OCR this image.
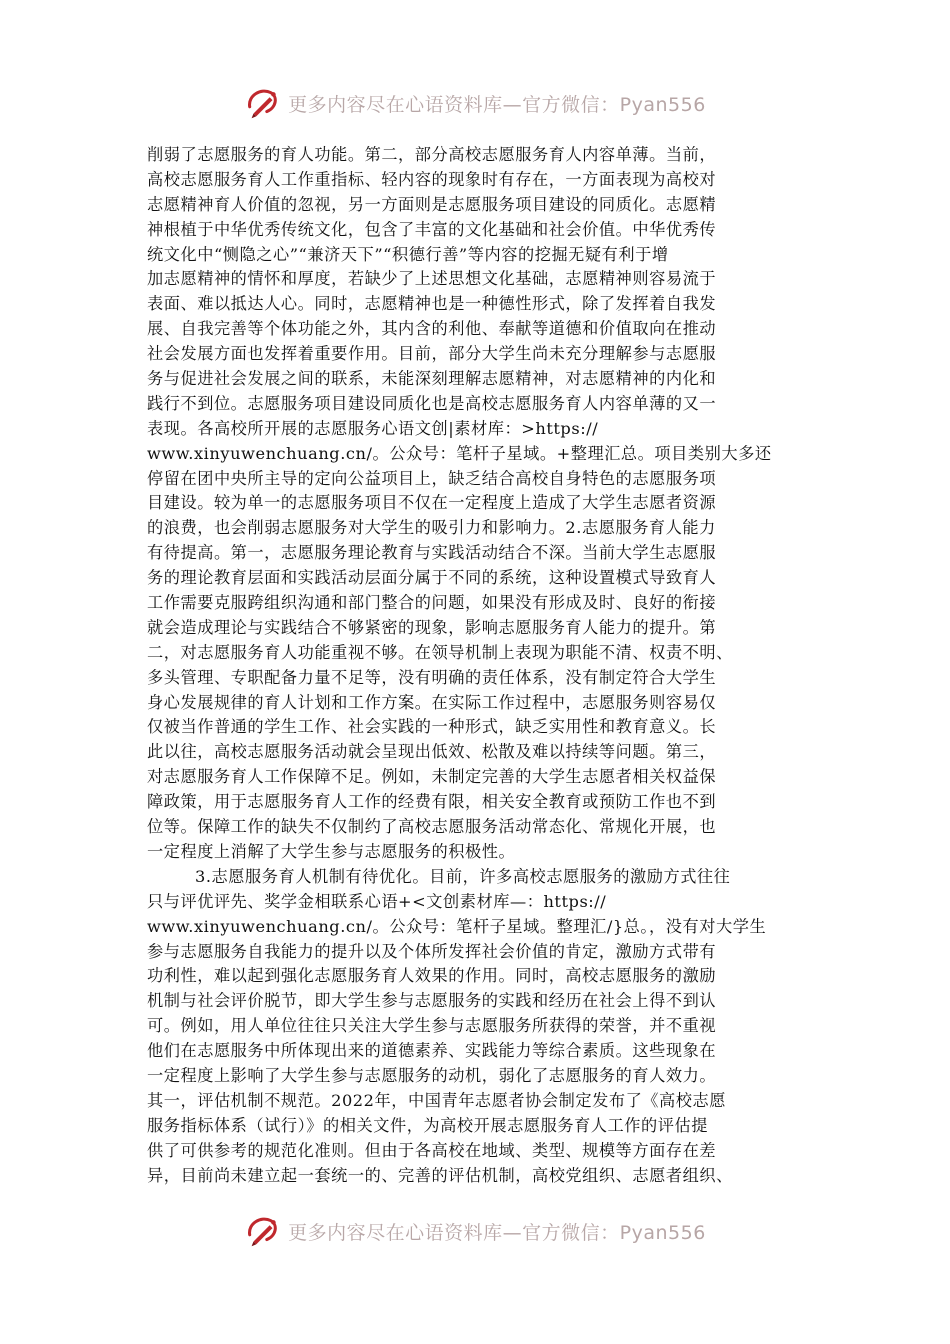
更多内容尽在心语资料库—官方微信：Pyan556
削弱了志愿服务的育人功能。第二，部分高校志愿服务育人内容单薄。当前，
高校志愿服务育人工作重指标、轻内容的现象时有存在，一方面表现为高校对
志愿精神育人价值的忽视，另一方面则是志愿服务项目建设的同质化。志愿精
神根植于中华优秀传统文化，包含了丰富的文化基础和社会价值。中华优秀传
统文化中“恻隐之心”“兼济天下”“积德行善”等内容的挖掘无疑有利于增
加志愿精神的情怀和厚度，若缺少了上述思想文化基础，志愿精神则容易流于
表面、难以抵达人心。同时，志愿精神也是一种德性形式，除了发挥着自我发
展、自我完善等个体功能之外，其内含的利他、奉献等道德和价值取向在推动
社会发展方面也发挥着重要作用。目前，部分大学生尚未充分理解参与志愿服
务与促进社会发展之间的联系，未能深刻理解志愿精神，对志愿精神的内化和
践行不到位。志愿服务项目建设同质化也是高校志愿服务育人内容单薄的又一
表现。各高校所开展的志愿服务心语文创|素材库：>https://
www.xinyuwenchuang.cn/。公众号：笔杆子星域。+整理汇总。项目类别大多还
停留在团中央所主导的定向公益项目上，缺乏结合高校自身特色的志愿服务项
目建设。较为单一的志愿服务项目不仅在一定程度上造成了大学生志愿者资源
的浪费，也会削弱志愿服务对大学生的吸引力和影响力。2.志愿服务育人能力
有待提高。第一，志愿服务理论教育与实践活动结合不深。当前大学生志愿服
务的理论教育层面和实践活动层面分属于不同的系统，这种设置模式导致育人
工作需要克服跨组织沟通和部门整合的问题，如果没有形成及时、良好的衔接
就会造成理论与实践结合不够紧密的现象，影响志愿服务育人能力的提升。第
二，对志愿服务育人功能重视不够。在领导机制上表现为职能不清、权责不明、
多头管理、专职配备力量不足等，没有明确的责任体系，没有制定符合大学生
身心发展规律的育人计划和工作方案。在实际工作过程中，志愿服务则容易仅
仅被当作普通的学生工作、社会实践的一种形式，缺乏实用性和教育意义。长
此以往，高校志愿服务活动就会呈现出低效、松散及难以持续等问题。第三，
对志愿服务育人工作保障不足。例如，未制定完善的大学生志愿者相关权益保
障政策，用于志愿服务育人工作的经费有限，相关安全教育或预防工作也不到
位等。保障工作的缺失不仅制约了高校志愿服务活动常态化、常规化开展，也
一定程度上消解了大学生参与志愿服务的积极性。
3.志愿服务育人机制有待优化。目前，许多高校志愿服务的激励方式往往
只与评优评先、奖学金相联系心语+<文创素材库—：https://
www.xinyuwenchuang.cn/。公众号：笔杆子星域。整理汇/}总。，没有对大学生
参与志愿服务自我能力的提升以及个体所发挥社会价值的肯定，激励方式带有
功利性，难以起到强化志愿服务育人效果的作用。同时，高校志愿服务的激励
机制与社会评价脱节，即大学生参与志愿服务的实践和经历在社会上得不到认
可。例如，用人单位往往只关注大学生参与志愿服务所获得的荣誉，并不重视
他们在志愿服务中所体现出来的道德素养、实践能力等综合素质。这些现象在
一定程度上影响了大学生参与志愿服务的动机，弱化了志愿服务的育人效力。
其一，评估机制不规范。2022年，中国青年志愿者协会制定发布了《高校志愿
服务指标体系（试行）》的相关文件，为高校开展志愿服务育人工作的评估提
供了可供参考的规范化准则。但由于各高校在地域、类型、规模等方面存在差
异，目前尚未建立起一套统一的、完善的评估机制，高校党组织、志愿者组织、
更多内容尽在心语资料库—官方微信：Pyan556
